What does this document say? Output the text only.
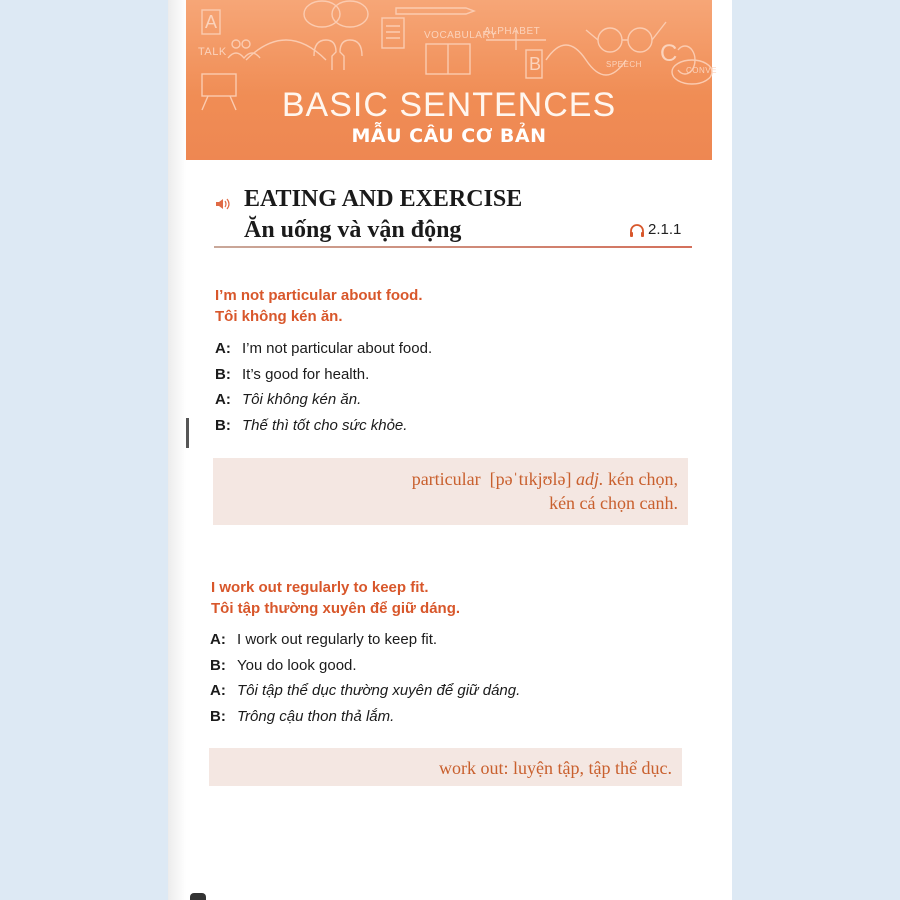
TALK
A
VOCABULARY
ALPHABET
B	SPEECH C
CONVE
BASIC SENTENCES
MẪU CÂU CƠ BẢN
EATING AND EXERCISE
Ăn uống và vận động	2.1.1
I’m not particular about food.
Tôi không kén ăn.
A: I’m not particular about food.
B: It’s good for health.
A: Tôi không kén ăn.
B: Thế thì tốt cho sức khỏe.
particular [pəˈtɪkjʊlə] adj. kén chọn,
kén cá chọn canh.
I work out regularly to keep fit.
Tôi tập thường xuyên để giữ dáng.
A: I work out regularly to keep fit.
B: You do look good.
A: Tôi tập thể dục thường xuyên để giữ dáng.
B: Trông cậu thon thả lắm.
work out: luyện tập, tập thể dục.
